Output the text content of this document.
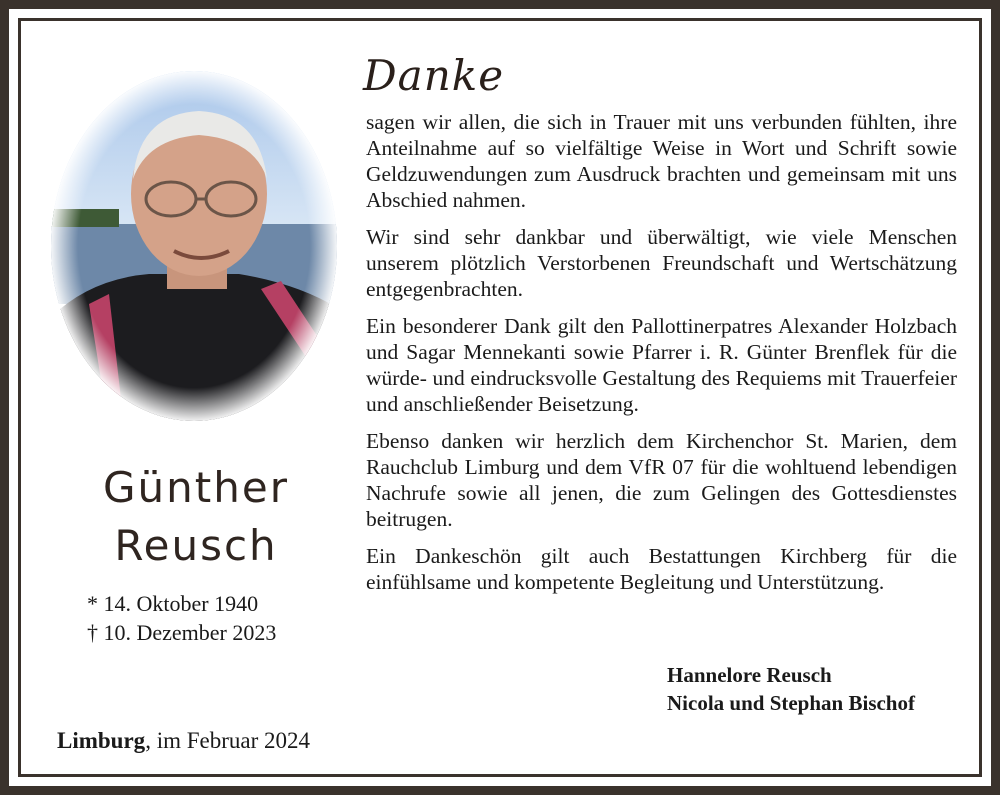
Günther
Reusch
* 14. Oktober 1940
† 10. Dezember 2023
Limburg, im Februar 2024
Danke

sagen wir allen, die sich in Trauer mit uns verbunden fühlten, ihre Anteilnahme auf so vielfältige Weise in Wort und Schrift sowie Geldzuwendungen zum Ausdruck brachten und gemeinsam mit uns Abschied nahmen.

Wir sind sehr dankbar und überwältigt, wie viele Menschen unserem plötzlich Verstorbenen Freundschaft und Wertschätzung entgegenbrachten.

Ein besonderer Dank gilt den Pallottinerpatres Alexander Holzbach und Sagar Mennekanti sowie Pfarrer i. R. Günter Brenflek für die würde- und eindrucksvolle Gestaltung des Requiems mit Trauerfeier und anschließender Beisetzung.

Ebenso danken wir herzlich dem Kirchenchor St. Marien, dem Rauchclub Limburg und dem VfR 07 für die wohltuend lebendigen Nachrufe sowie all jenen, die zum Gelingen des Gottesdienstes beitrugen.

Ein Dankeschön gilt auch Bestattungen Kirchberg für die einfühlsame und kompetente Begleitung und Unterstützung.

Hannelore Reusch
Nicola und Stephan Bischof
